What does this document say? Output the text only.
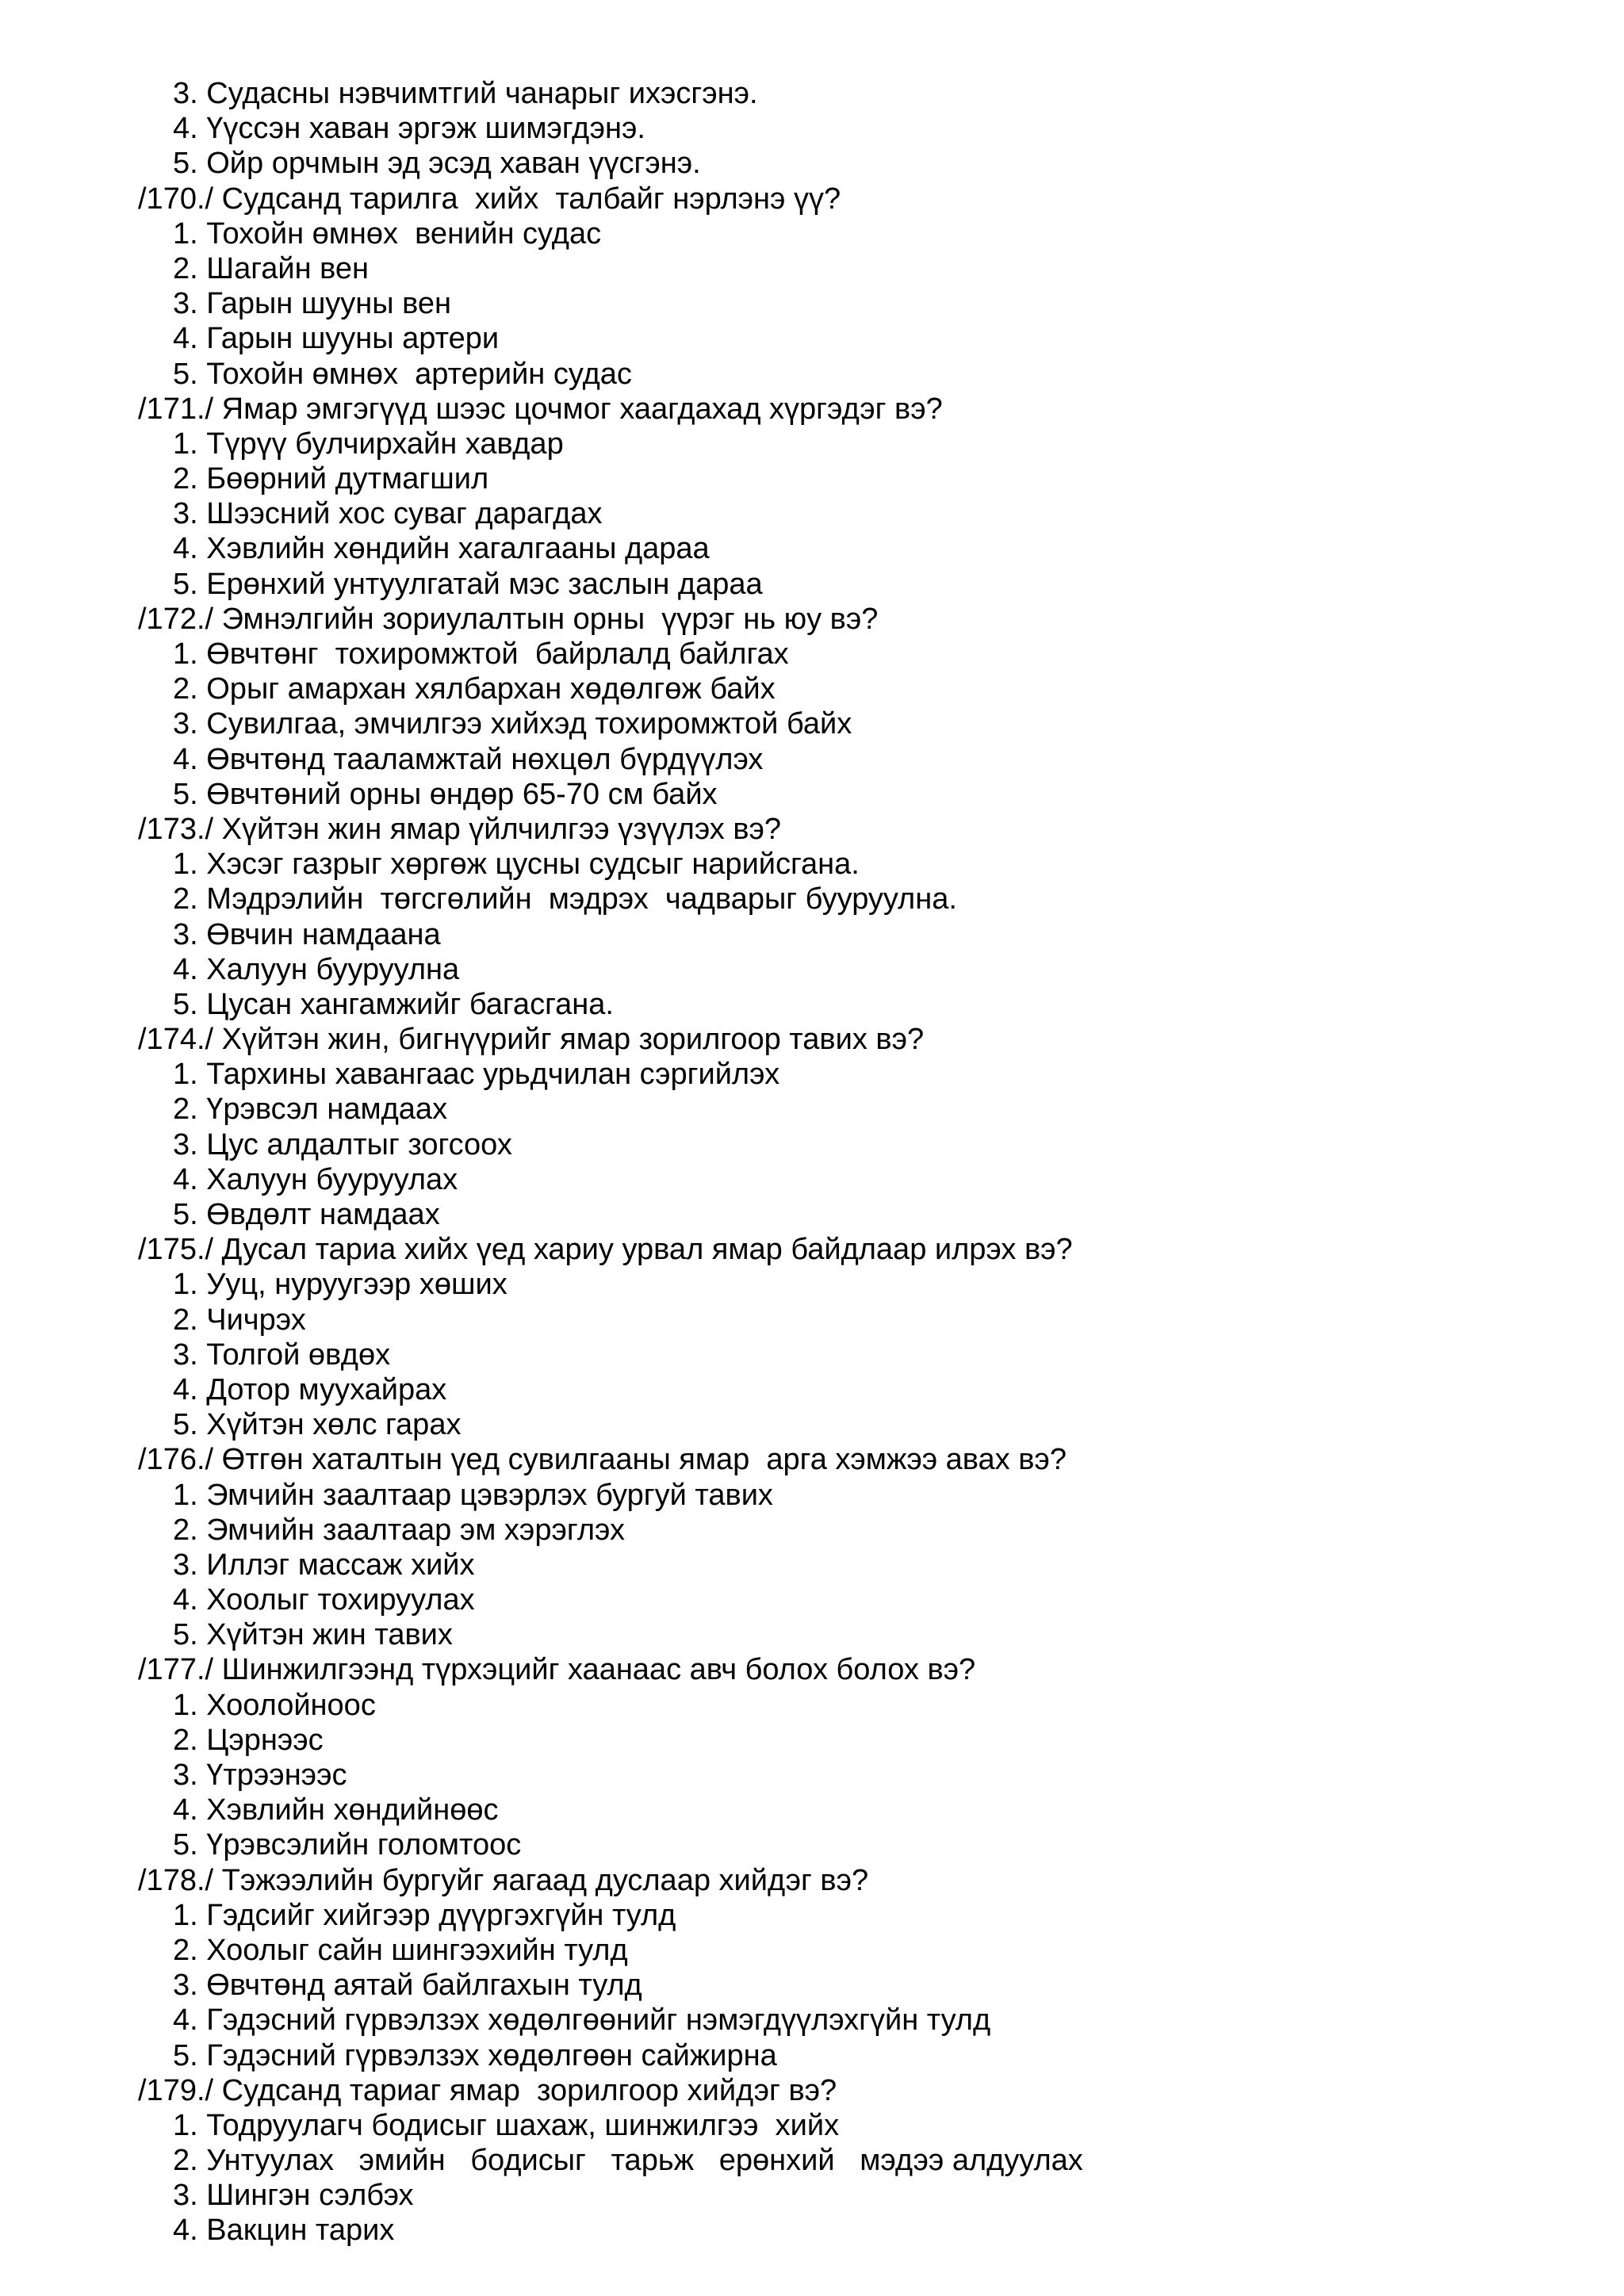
3. Судасны нэвчимтгий чанарыг ихэсгэнэ.
4. Үүссэн хаван эргэж шимэгдэнэ.
5. Ойр орчмын эд эсэд хаван үүсгэнэ.
/170./ Судсанд тарилга  хийх  талбайг нэрлэнэ үү?
1. Тохойн өмнөх  венийн судас
2. Шагайн вен
3. Гарын шууны вен
4. Гарын шууны артери
5. Тохойн өмнөх  артерийн судас
/171./ Ямар эмгэгүүд шээс цочмог хаагдахад хүргэдэг вэ?
1. Түрүү булчирхайн хавдар
2. Бөөрний дутмагшил
3. Шээсний хос суваг дарагдах
4. Хэвлийн хөндийн хагалгааны дараа
5. Ерөнхий унтуулгатай мэс заслын дараа
/172./ Эмнэлгийн зориулалтын орны  үүрэг нь юу вэ?
1. Өвчтөнг  тохиромжтой  байрлалд байлгах
2. Орыг амархан хялбархан хөдөлгөж байх
3. Сувилгаа, эмчилгээ хийхэд тохиромжтой байх
4. Өвчтөнд тааламжтай нөхцөл бүрдүүлэх
5. Өвчтөний орны өндөр 65-70 см байх
/173./ Хүйтэн жин ямар үйлчилгээ үзүүлэх вэ?
1. Хэсэг газрыг хөргөж цусны судсыг нарийсгана.
2. Мэдрэлийн  төгсгөлийн  мэдрэх  чадварыг бууруулна.
3. Өвчин намдаана
4. Халуун бууруулна
5. Цусан хангамжийг багасгана.
/174./ Хүйтэн жин, бигнүүрийг ямар зорилгоор тавих вэ?
1. Тархины хавангаас урьдчилан сэргийлэх
2. Үрэвсэл намдаах
3. Цус алдалтыг зогсоох
4. Халуун бууруулах
5. Өвдөлт намдаах
/175./ Дусал тариа хийх үед хариу урвал ямар байдлаар илрэх вэ?
1. Ууц, нуруугээр хөших
2. Чичрэх
3. Толгой өвдөх
4. Дотор муухайрах
5. Хүйтэн хөлс гарах
/176./ Өтгөн хаталтын үед сувилгааны ямар  арга хэмжээ авах вэ?
1. Эмчийн заалтаар цэвэрлэх бургуй тавих
2. Эмчийн заалтаар эм хэрэглэх
3. Иллэг массаж хийх
4. Хоолыг тохируулах
5. Хүйтэн жин тавих
/177./ Шинжилгээнд түрхэцийг хаанаас авч болох болох вэ?
1. Хоолойноос
2. Цэрнээс
3. Үтрээнээс
4. Хэвлийн хөндийнөөс
5. Үрэвсэлийн голомтоос
/178./ Тэжээлийн бургуйг яагаад дуслаар хийдэг вэ?
1. Гэдсийг хийгээр дүүргэхгүйн тулд
2. Хоолыг сайн шингээхийн тулд
3. Өвчтөнд аятай байлгахын тулд
4. Гэдэсний гүрвэлзэх хөдөлгөөнийг нэмэгдүүлэхгүйн тулд
5. Гэдэсний гүрвэлзэх хөдөлгөөн сайжирна
/179./ Судсанд тариаг ямар  зорилгоор хийдэг вэ?
1. Тодруулагч бодисыг шахаж, шинжилгээ  хийх
2. Унтуулах   эмийн   бодисыг   тарьж   ерөнхий   мэдээ алдуулах
3. Шингэн сэлбэх
4. Вакцин тарих
